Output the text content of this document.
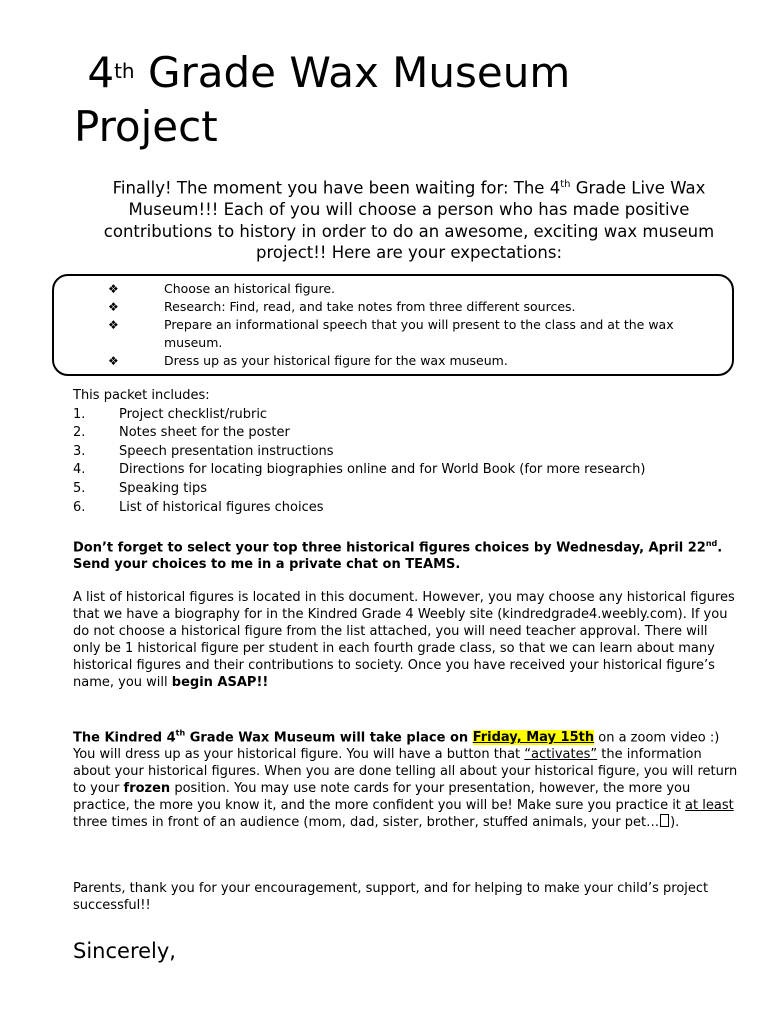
4th Grade Wax Museum
Project
Finally! The moment you have been waiting for: The 4th Grade Live Wax Museum!!! Each of you will choose a person who has made positive contributions to history in order to do an awesome, exciting wax museum project!! Here are your expectations:
❖	Choose an historical figure.
❖	Research: Find, read, and take notes from three different sources.
❖	Prepare an informational speech that you will present to the class and at the wax museum.
❖	Dress up as your historical figure for the wax museum.
This packet includes:
1.	Project checklist/rubric
2.	Notes sheet for the poster
3.	Speech presentation instructions
4.	Directions for locating biographies online and for World Book (for more research)
5.	Speaking tips
6.	List of historical figures choices
Don’t forget to select your top three historical figures choices by Wednesday, April 22nd.
Send your choices to me in a private chat on TEAMS.
A list of historical figures is located in this document. However, you may choose any historical figures that we have a biography for in the Kindred Grade 4 Weebly site (kindredgrade4.weebly.com). If you do not choose a historical figure from the list attached, you will need teacher approval. There will only be 1 historical figure per student in each fourth grade class, so that we can learn about many historical figures and their contributions to society. Once you have received your historical figure’s name, you will begin ASAP!!
The Kindred 4th Grade Wax Museum will take place on Friday, May 15th on a zoom video :) You will dress up as your historical figure. You will have a button that “activates” the information about your historical figures. When you are done telling all about your historical figure, you will return to your frozen position. You may use note cards for your presentation, however, the more you practice, the more you know it, and the more confident you will be! Make sure you practice it at least three times in front of an audience (mom, dad, sister, brother, stuffed animals, your pet… ).
Parents, thank you for your encouragement, support, and for helping to make your child’s project successful!!
Sincerely,
